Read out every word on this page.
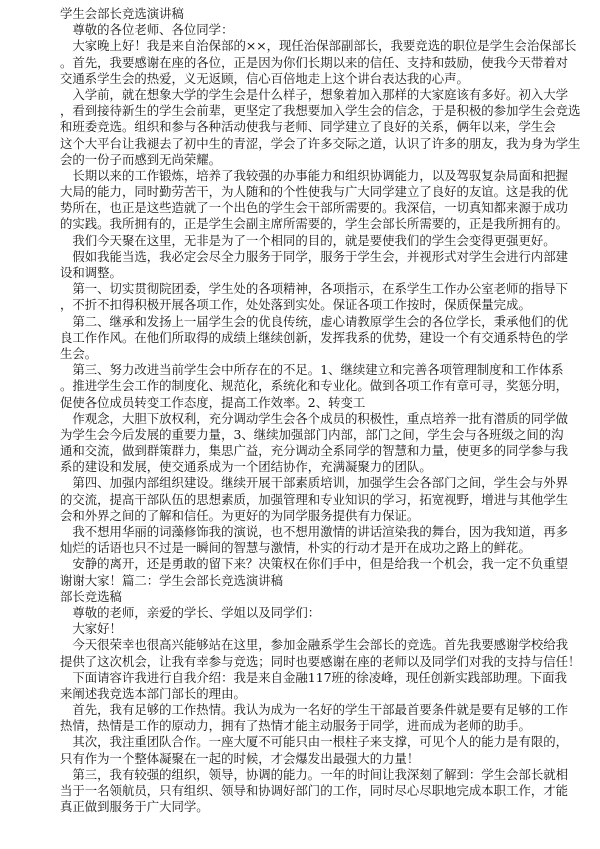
学生会部长竞选演讲稿
　尊敬的各位老师、各位同学：
　大家晚上好！我是来自治保部的××，现任治保部副部长，我要竞选的职位是学生会治保部长
。首先，我要感谢在座的各位，正是因为你们长期以来的信任、支持和鼓励，使我今天带着对
交通系学生会的热爱，义无返顾，信心百倍地走上这个讲台表达我的心声。
　入学前，就在想象大学的学生会是什么样子，想象着加入那样的大家庭该有多好。初入大学
，看到接待新生的学生会前辈，更坚定了我想要加入学生会的信念，于是积极的参加学生会竞选
和班委竞选。组织和参与各种活动使我与老师、同学建立了良好的关系，俩年以来，学生会
这个大平台让我褪去了初中生的青涩，学会了许多交际之道，认识了许多的朋友，我为身为学生
会的一份子而感到无尚荣耀。
　长期以来的工作锻炼，培养了我较强的办事能力和组织协调能力，以及驾驭复杂局面和把握
大局的能力，同时勤劳苦干，为人随和的个性使我与广大同学建立了良好的友谊。这是我的优
势所在，也正是这些造就了一个出色的学生会干部所需要的。我深信，一切真知都来源于成功
的实践。我所拥有的，正是学生会副主席所需要的，学生会部长所需要的，正是我所拥有的。
　我们今天聚在这里，无非是为了一个相同的目的，就是要使我们的学生会变得更强更好。
　假如我能当选，我必定会尽全力服务于同学，服务于学生会，并视形式对学生会进行内部建
设和调整。
　第一、切实贯彻院团委，学生处的各项精神，各项指示，在系学生工作办公室老师的指导下
，不折不扣得积极开展各项工作，处处落到实处。保证各项工作按时，保质保量完成。
　第二、继承和发扬上一届学生会的优良传统，虚心请教原学生会的各位学长，秉承他们的优
良工作作风。在他们所取得的成绩上继续创新，发挥我系的优势，建设一个有交通系特色的学
生会。
　第三、努力改进当前学生会中所存在的不足。1、继续建立和完善各项管理制度和工作体系
。推进学生会工作的制度化、规范化，系统化和专业化。做到各项工作有章可寻，奖惩分明，
促使各位成员转变工作态度，提高工作效率。2、转变工
　作观念，大胆下放权利，充分调动学生会各个成员的积极性，重点培养一批有潜质的同学做
为学生会今后发展的重要力量，3、继续加强部门内部，部门之间，学生会与各班级之间的沟
通和交流，做到群策群力，集思广益，充分调动全系同学的智慧和力量，使更多的同学参与我
系的建设和发展，使交通系成为一个团结协作，充满凝聚力的团队。
　第四、加强内部组织建设。继续开展干部素质培训，加强学生会各部门之间，学生会与外界
的交流，提高干部队伍的思想素质，加强管理和专业知识的学习，拓宽视野，增进与其他学生
会和外界之间的了解和信任。为更好的为同学服务提供有力保证。
　我不想用华丽的词藻修饰我的演说，也不想用激情的讲话渲染我的舞台，因为我知道，再多
灿烂的话语也只不过是一瞬间的智慧与激情，朴实的行动才是开在成功之路上的鲜花。
　安静的离开，还是勇敢的留下来？决策权在你们手中，但是给我一个机会，我一定不负重望
谢谢大家！篇二：学生会部长竞选演讲稿
部长竞选稿
　尊敬的老师，亲爱的学长、学姐以及同学们：
　大家好！
　今天很荣幸也很高兴能够站在这里，参加金融系学生会部长的竞选。首先我要感谢学校给我
提供了这次机会，让我有幸参与竞选；同时也要感谢在座的老师以及同学们对我的支持与信任！
　下面请容许我进行自我介绍：我是来自金融117班的徐凌峰，现任创新实践部助理。下面我
来阐述我竞选本部门部长的理由。
　首先，我有足够的工作热情。我认为成为一名好的学生干部最首要条件就是要有足够的工作
热情，热情是工作的原动力，拥有了热情才能主动服务于同学，进而成为老师的助手。
　其次，我注重团队合作。一座大厦不可能只由一根柱子来支撑，可见个人的能力是有限的，
只有作为一个整体凝聚在一起的时候，才会爆发出最强大的力量！
　第三，我有较强的组织，领导，协调的能力。一年的时间让我深刻了解到：学生会部长就相
当于一名领航员，只有组织、领导和协调好部门的工作，同时尽心尽职地完成本职工作，才能
真正做到服务于广大同学。
